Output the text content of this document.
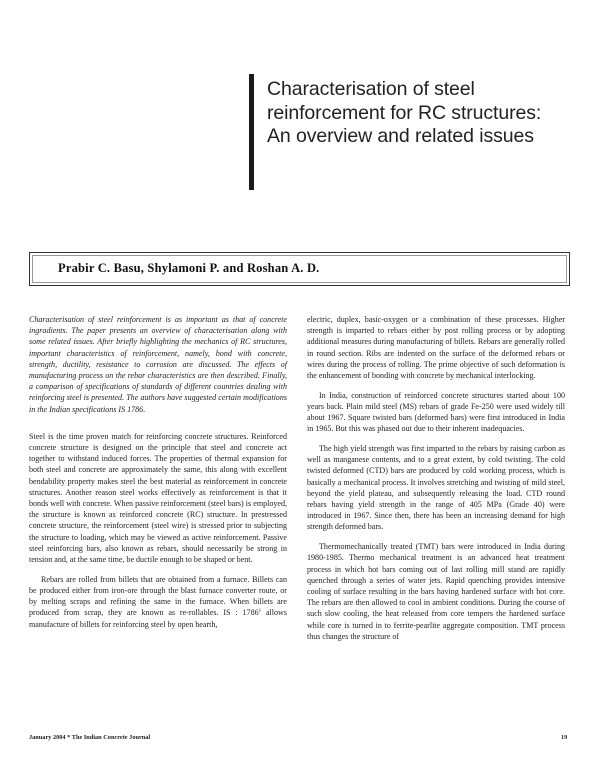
Characterisation of steel reinforcement for RC structures: An overview and related issues
Prabir C. Basu, Shylamoni P. and Roshan A. D.

Characterisation of steel reinforcement is as important as that of concrete ingradients. The paper presents an overview of characterisation along with some related issues. After briefly highlighting the mechanics of RC structures, important characteristics of reinforcement, namely, bond with concrete, strength, ductility, resistance to corrosion are discussed. The effects of manufacturing process on the rebar characteristics are then described. Finally, a comparison of specifications of standards of different countries dealing with reinforcing steel is presented. The authors have suggested certain modifications in the Indian specifications IS 1786.

Steel is the time proven match for reinforcing concrete structures. Reinforced concrete structure is designed on the principle that steel and concrete act together to withstand induced forces. The properties of thermal expansion for both steel and concrete are approximately the same, this along with excellent bendability property makes steel the best material as reinforcement in concrete structures. Another reason steel works effectively as reinforcement is that it bonds well with concrete. When passive reinforcement (steel bars) is employed, the structure is known as reinforced concrete (RC) structure. In prestressed concrete structure, the reinforcement (steel wire) is stressed prior to subjecting the structure to loading, which may be viewed as active reinforcement. Passive steel reinforcing bars, also known as rebars, should necessarily be strong in tension and, at the same time, be ductile enough to be shaped or bent.

Rebars are rolled from billets that are obtained from a furnace. Billets can be produced either from iron-ore through the blast furnace converter route, or by melting scraps and refining the same in the furnace. When billets are produced from scrap, they are known as re-rollables. IS : 1786$^1$ allows manufacture of billets for reinforcing steel by open hearth,

electric, duplex, basic-oxygen or a combination of these processes. Higher strength is imparted to rebars either by post rolling process or by adopting additional measures during manufacturing of billets. Rebars are generally rolled in round section. Ribs are indented on the surface of the deformed rebars or wires during the process of rolling. The prime objective of such deformation is the enhancement of bonding with concrete by mechanical interlocking.

In India, construction of reinforced concrete structures started about 100 years back. Plain mild steel (MS) rebars of grade Fe-250 were used widely till about 1967. Square twisted bars (deformed bars) were first introduced in India in 1965. But this was phased out due to their inherent inadequacies.

The high yield strength was first imparted to the rebars by raising carbon as well as manganese contents, and to a great extent, by cold twisting. The cold twisted deformed (CTD) bars are produced by cold working process, which is basically a mechanical process. It involves stretching and twisting of mild steel, beyond the yield plateau, and subsequently releasing the load. CTD round rebars having yield strength in the range of 405 MPa (Grade 40) were introduced in 1967. Since then, there has been an increasing demand for high strength deformed bars.

Thermomechanically treated (TMT) bars were introduced in India during 1980-1985. Thermo mechanical treatment is an advanced heat treatment process in which hot bars coming out of last rolling mill stand are rapidly quenched through a series of water jets. Rapid quenching provides intensive cooling of surface resulting in the bars having hardened surface with hot core. The rebars are then allowed to cool in ambient conditions. During the course of such slow cooling, the heat released from core tempers the hardened surface while core is turned in to ferrite-pearlite aggregate composition. TMT process thus changes the structure of

January 2004 * The Indian Concrete Journal	19
